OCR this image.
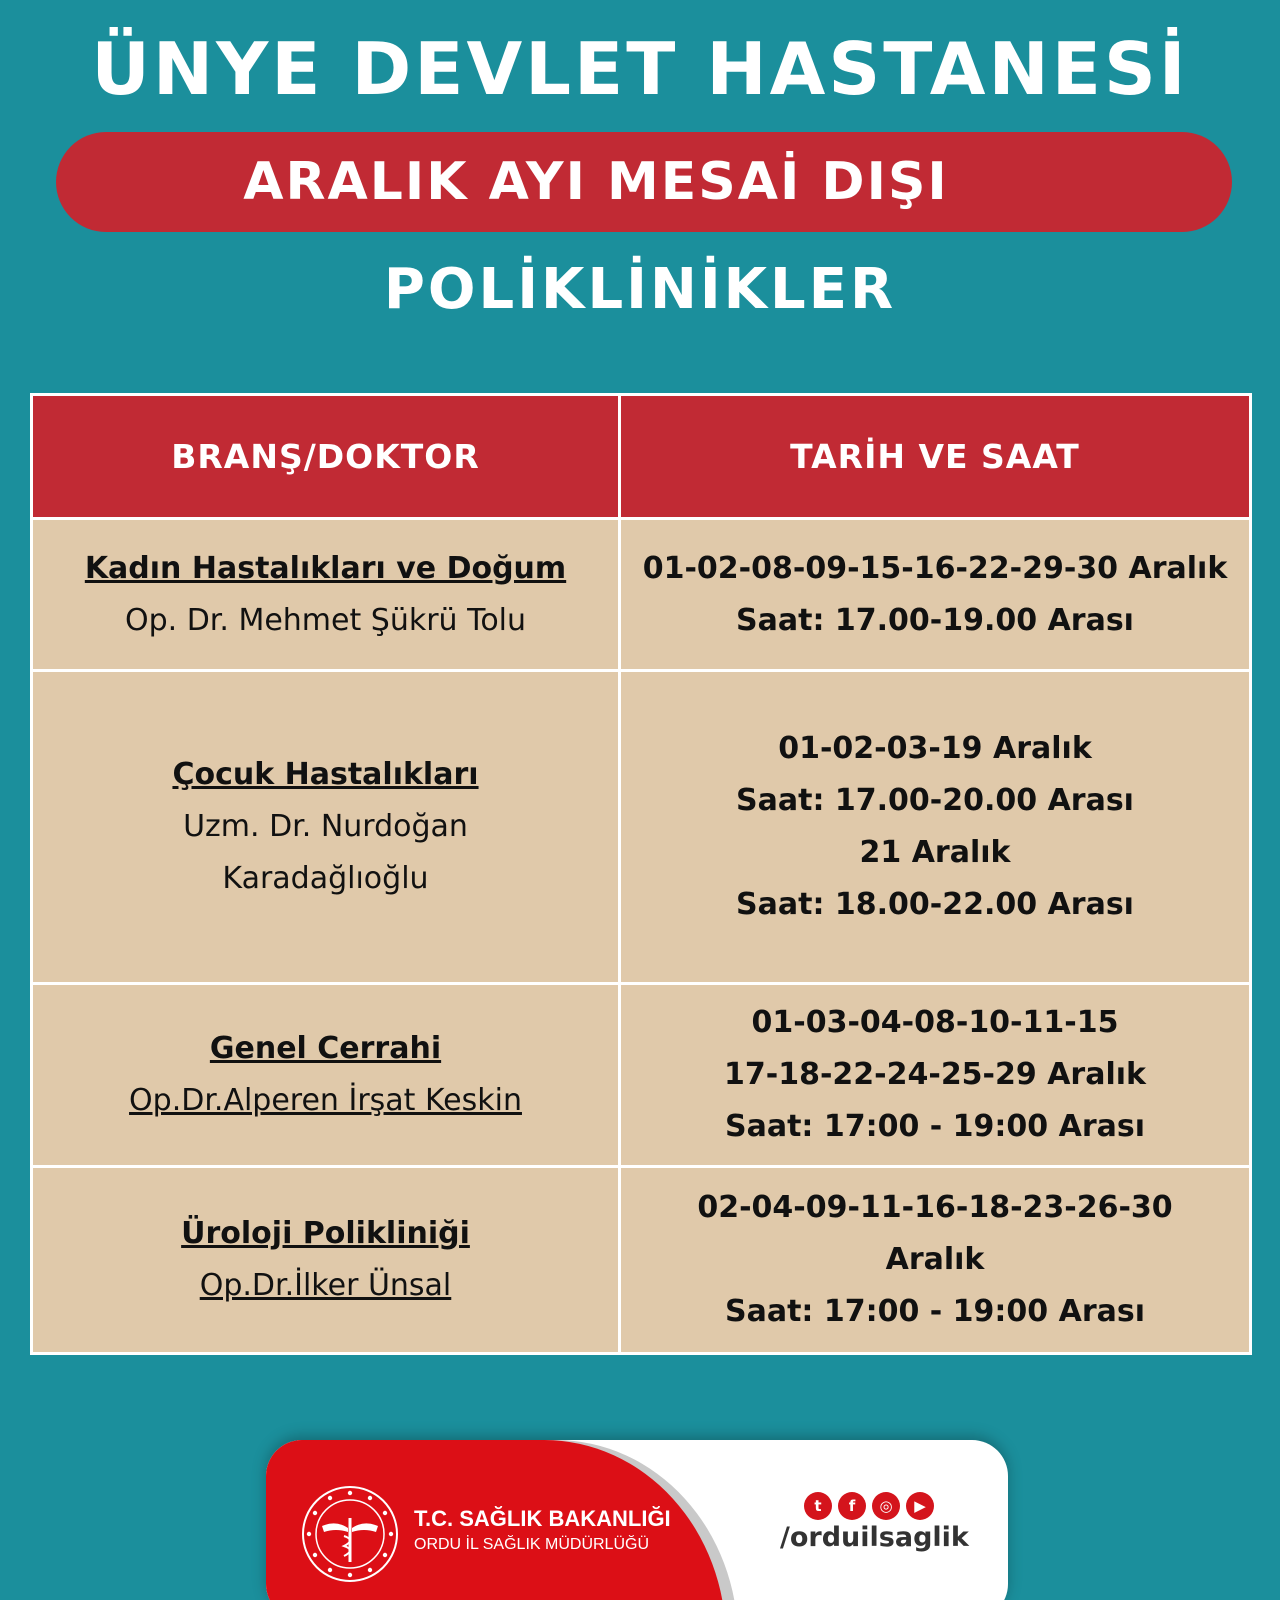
ÜNYE DEVLET HASTANESİ
ARALIK AYI MESAİ DIŞI
POLİKLİNİKLER
BRANŞ/DOKTOR	TARİH VE SAAT

Kadın Hastalıkları ve Doğum
Op. Dr. Mehmet Şükrü Tolu	01-02-08-09-15-16-22-29-30 Aralık
Saat: 17.00-19.00 Arası

Çocuk Hastalıkları
Uzm. Dr. Nurdoğan
Karadağlıoğlu	01-02-03-19 Aralık
Saat: 17.00-20.00 Arası
21 Aralık
Saat: 18.00-22.00 Arası

Genel Cerrahi
Op.Dr.Alperen İrşat Keskin	01-03-04-08-10-11-15
17-18-22-24-25-29 Aralık
Saat: 17:00 - 19:00 Arası

Üroloji Polikliniği
Op.Dr.İlker Ünsal	02-04-09-11-16-18-23-26-30
Aralık
Saat: 17:00 - 19:00 Arası
T.C. SAĞLIK BAKANLIĞI
ORDU İL SAĞLIK MÜDÜRLÜĞÜ
t	f	◎	▶
/orduilsaglik
